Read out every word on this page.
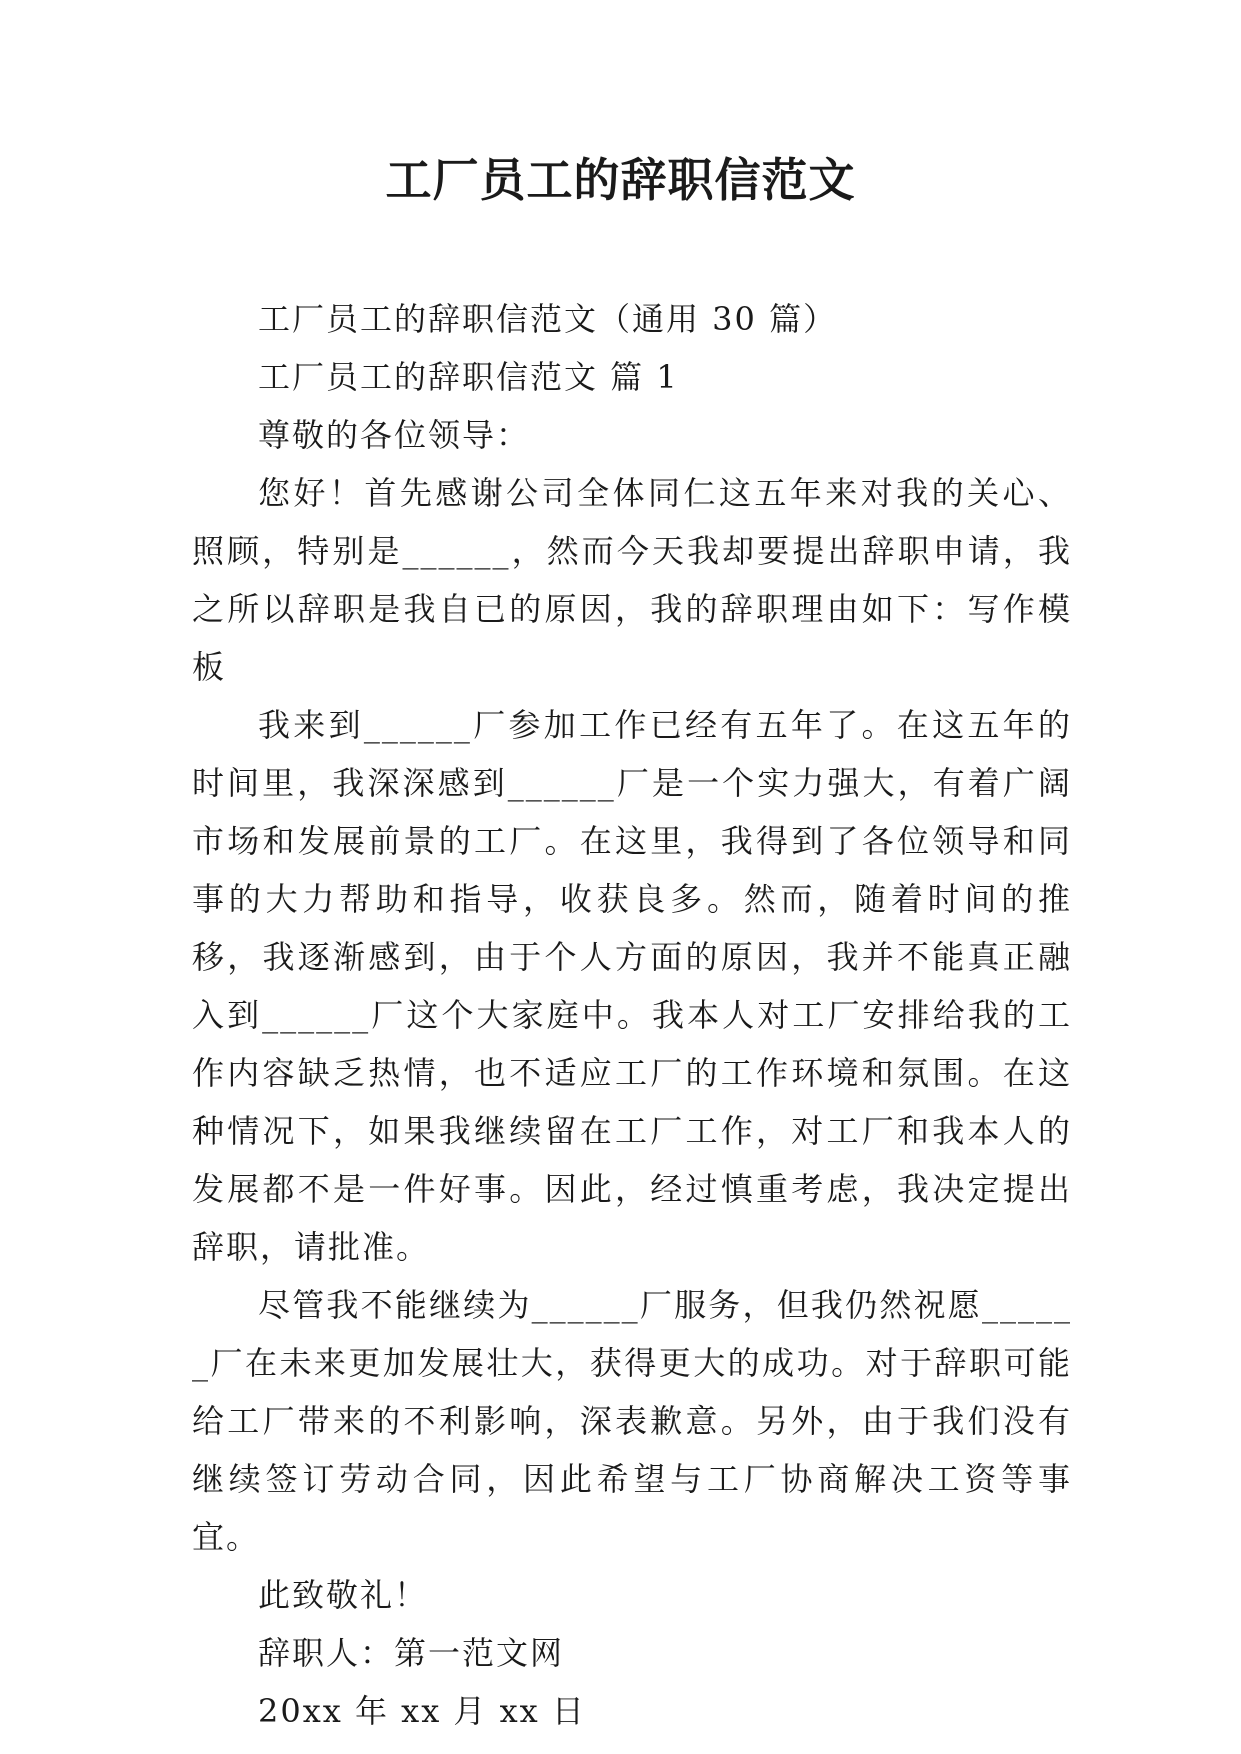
工厂员工的辞职信范文

工厂员工的辞职信范文（通用 30 篇）

工厂员工的辞职信范文 篇 1

尊敬的各位领导：

您好！首先感谢公司全体同仁这五年来对我的关心、照顾，特别是______，然而今天我却要提出辞职申请，我之所以辞职是我自已的原因，我的辞职理由如下：写作模板

我来到______厂参加工作已经有五年了。在这五年的时间里，我深深感到______厂是一个实力强大，有着广阔市场和发展前景的工厂。在这里，我得到了各位领导和同事的大力帮助和指导，收获良多。然而，随着时间的推移，我逐渐感到，由于个人方面的原因，我并不能真正融入到______厂这个大家庭中。我本人对工厂安排给我的工作内容缺乏热情，也不适应工厂的工作环境和氛围。在这种情况下，如果我继续留在工厂工作，对工厂和我本人的发展都不是一件好事。因此，经过慎重考虑，我决定提出辞职，请批准。

尽管我不能继续为______厂服务，但我仍然祝愿______厂在未来更加发展壮大，获得更大的成功。对于辞职可能给工厂带来的不利影响，深表歉意。另外，由于我们没有继续签订劳动合同，因此希望与工厂协商解决工资等事宜。

此致敬礼！

辞职人：第一范文网

20xx 年 xx 月 xx 日
